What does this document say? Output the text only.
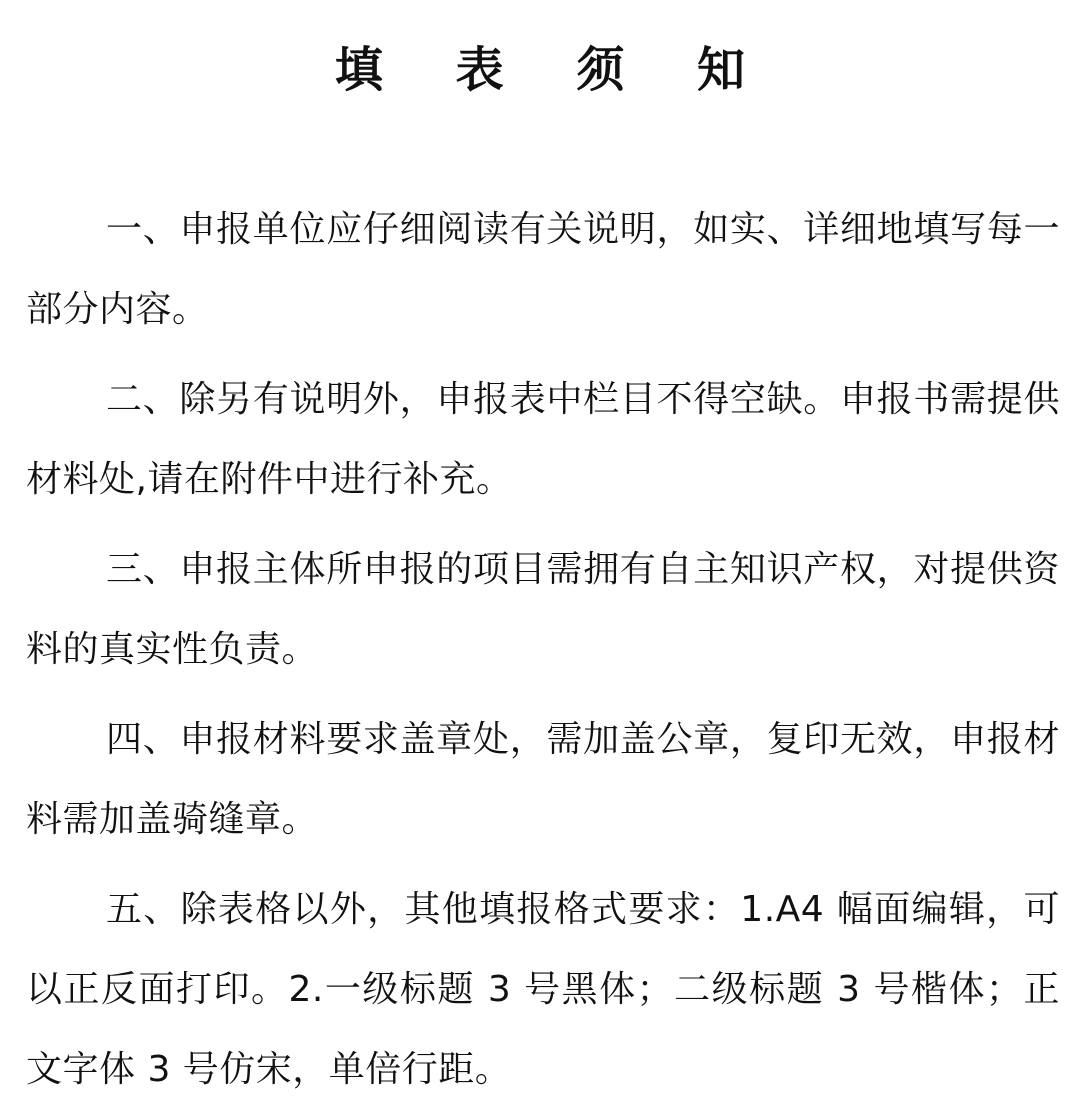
填 表 须 知

一、申报单位应仔细阅读有关说明，如实、详细地填写每一部分内容。

二、除另有说明外，申报表中栏目不得空缺。申报书需提供材料处,请在附件中进行补充。

三、申报主体所申报的项目需拥有自主知识产权，对提供资料的真实性负责。

四、申报材料要求盖章处，需加盖公章，复印无效，申报材料需加盖骑缝章。

五、除表格以外，其他填报格式要求：1.A4 幅面编辑，可以正反面打印。2.一级标题 3 号黑体；二级标题 3 号楷体；正文字体 3 号仿宋，单倍行距。
